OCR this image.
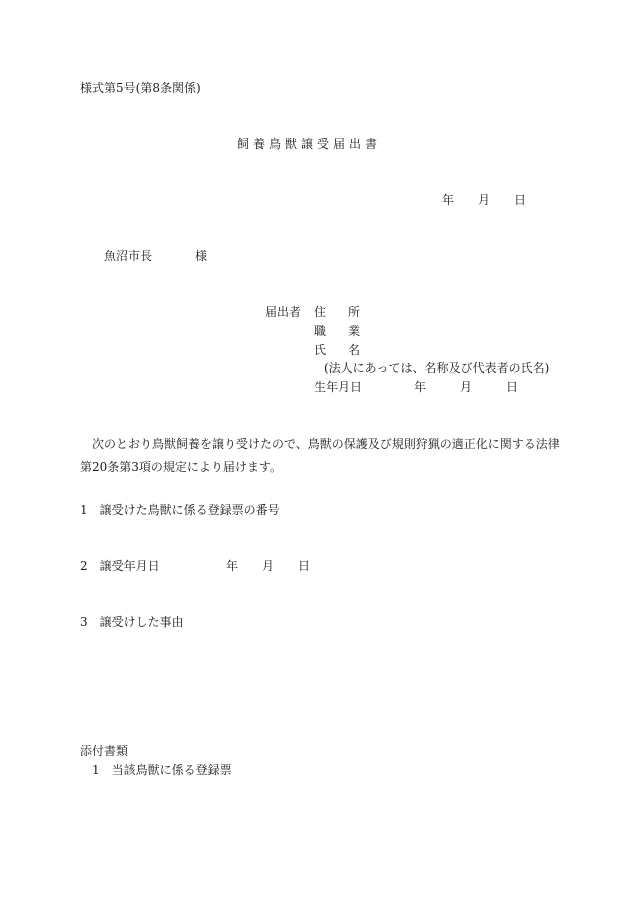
様式第5号(第8条関係)
飼養鳥獣譲受届出書
年 月 日
魚沼市長	様
届出者 住 所
職 業
氏 名
(法人にあっては、名称及び代表者の氏名)
生年月日	年	月	日
次のとおり鳥獣飼養を譲り受けたので、鳥獣の保護及び規則狩猟の適正化に関する法律
第20条第3項の規定により届けます。
1 譲受けた鳥獣に係る登録票の番号
2 譲受年月日	年 月 日
3 譲受けした事由
添付書類
1 当該鳥獣に係る登録票
